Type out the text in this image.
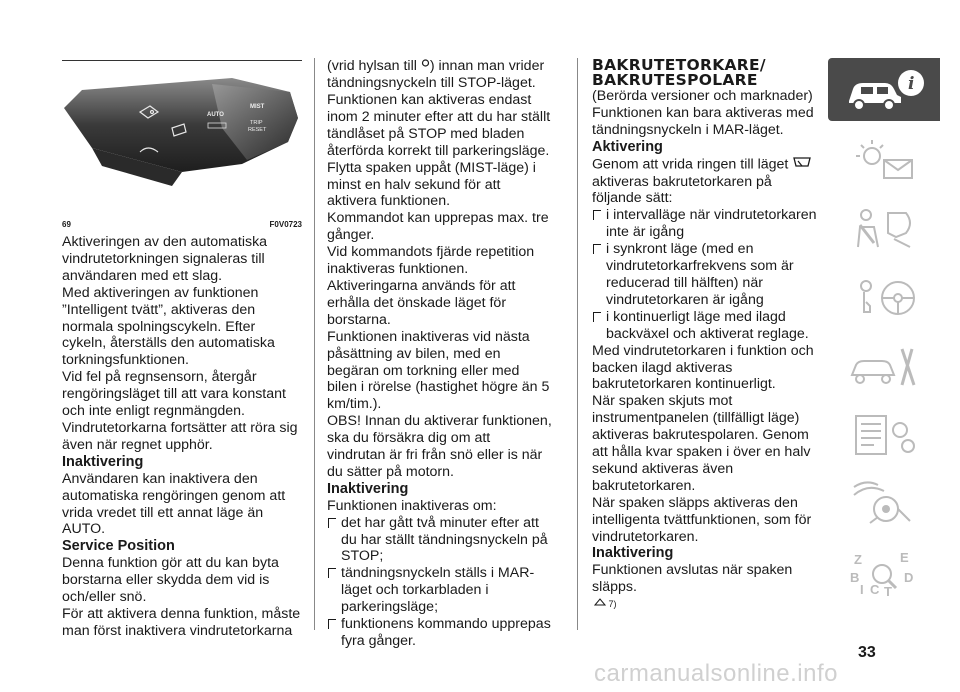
AUTO
MIST
TRIP
RESET
69	F0V0723

Aktiveringen av den automatiska vindrutetorkningen signaleras till användaren med ett slag.

Med aktiveringen av funktionen ”Intelligent tvätt”, aktiveras den normala spolningscykeln. Efter cykeln, återställs den automatiska torkningsfunktionen.

Vid fel på regnsensorn, återgår rengöringsläget till att vara konstant och inte enligt regnmängden.

Vindrutetorkarna fortsätter att röra sig även när regnet upphör.

Inaktivering

Användaren kan inaktivera den automatiska rengöringen genom att vrida vredet till ett annat läge än AUTO.

Service Position

Denna funktion gör att du kan byta borstarna eller skydda dem vid is och/eller snö.

För att aktivera denna funktion, måste man först inaktivera vindrutetorkarna

(vrid hylsan till ) innan man vrider tändningsnyckeln till STOP-läget.

Funktionen kan aktiveras endast inom 2 minuter efter att du har ställt tändlåset på STOP med bladen återförda korrekt till parkeringsläge.

Flytta spaken uppåt (MIST-läge) i minst en halv sekund för att aktivera funktionen.

Kommandot kan upprepas max. tre gånger.

Vid kommandots fjärde repetition inaktiveras funktionen.

Aktiveringarna används för att erhålla det önskade läget för borstarna.

Funktionen inaktiveras vid nästa påsättning av bilen, med en begäran om torkning eller med bilen i rörelse (hastighet högre än 5 km/tim.).

OBS! Innan du aktiverar funktionen, ska du försäkra dig om att vindrutan är fri från snö eller is när du sätter på motorn.

Inaktivering

Funktionen inaktiveras om:

det har gått två minuter efter att du har ställt tändningsnyckeln på STOP;

tändningsnyckeln ställs i MAR-läget och torkarbladen i parkeringsläge;

funktionens kommando upprepas fyra gånger.

BAKRUTETORKARE/

BAKRUTESPOLARE

(Berörda versioner och marknader)

Funktionen kan bara aktiveras med tändningsnyckeln i MAR-läget.

Aktivering

Genom att vrida ringen till läget  aktiveras bakrutetorkaren på följande sätt:

i intervalläge när vindrutetorkaren inte är igång

i synkront läge (med en vindrutetorkarfrekvens som är reducerad till hälften) när vindrutetorkaren är igång

i kontinuerligt läge med ilagd backväxel och aktiverat reglage.

Med vindrutetorkaren i funktion och backen ilagd aktiveras bakrutetorkaren kontinuerligt.

När spaken skjuts mot instrumentpanelen (tillfälligt läge) aktiveras bakrutespolaren. Genom att hålla kvar spaken i över en halv sekund aktiveras även bakrutetorkaren.

När spaken släpps aktiveras den intelligenta tvättfunktionen, som för vindrutetorkaren.

Inaktivering

Funktionen avslutas när spaken släpps.

7)

i
Z	E
B	D
I C T
33
carmanualsonline.info
